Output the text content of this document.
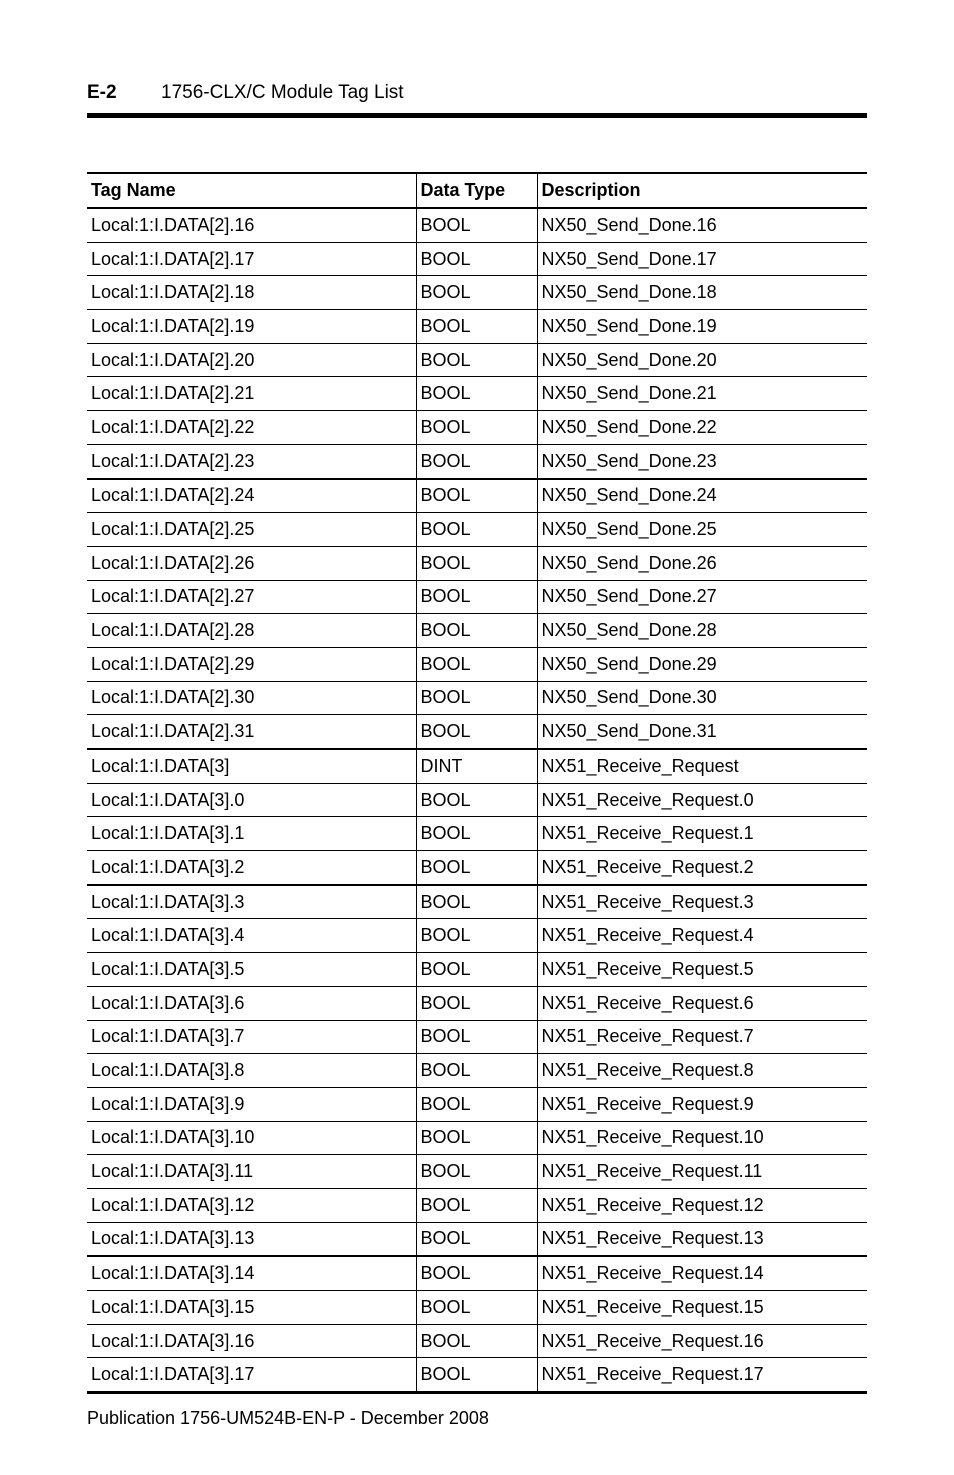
E-2 1756-CLX/C Module Tag List
Tag Name	Data Type	Description
Local:1:I.DATA[2].16	BOOL	NX50_Send_Done.16
Local:1:I.DATA[2].17	BOOL	NX50_Send_Done.17
Local:1:I.DATA[2].18	BOOL	NX50_Send_Done.18
Local:1:I.DATA[2].19	BOOL	NX50_Send_Done.19
Local:1:I.DATA[2].20	BOOL	NX50_Send_Done.20
Local:1:I.DATA[2].21	BOOL	NX50_Send_Done.21
Local:1:I.DATA[2].22	BOOL	NX50_Send_Done.22
Local:1:I.DATA[2].23	BOOL	NX50_Send_Done.23
Local:1:I.DATA[2].24	BOOL	NX50_Send_Done.24
Local:1:I.DATA[2].25	BOOL	NX50_Send_Done.25
Local:1:I.DATA[2].26	BOOL	NX50_Send_Done.26
Local:1:I.DATA[2].27	BOOL	NX50_Send_Done.27
Local:1:I.DATA[2].28	BOOL	NX50_Send_Done.28
Local:1:I.DATA[2].29	BOOL	NX50_Send_Done.29
Local:1:I.DATA[2].30	BOOL	NX50_Send_Done.30
Local:1:I.DATA[2].31	BOOL	NX50_Send_Done.31
Local:1:I.DATA[3]	DINT	NX51_Receive_Request
Local:1:I.DATA[3].0	BOOL	NX51_Receive_Request.0
Local:1:I.DATA[3].1	BOOL	NX51_Receive_Request.1
Local:1:I.DATA[3].2	BOOL	NX51_Receive_Request.2
Local:1:I.DATA[3].3	BOOL	NX51_Receive_Request.3
Local:1:I.DATA[3].4	BOOL	NX51_Receive_Request.4
Local:1:I.DATA[3].5	BOOL	NX51_Receive_Request.5
Local:1:I.DATA[3].6	BOOL	NX51_Receive_Request.6
Local:1:I.DATA[3].7	BOOL	NX51_Receive_Request.7
Local:1:I.DATA[3].8	BOOL	NX51_Receive_Request.8
Local:1:I.DATA[3].9	BOOL	NX51_Receive_Request.9
Local:1:I.DATA[3].10	BOOL	NX51_Receive_Request.10
Local:1:I.DATA[3].11	BOOL	NX51_Receive_Request.11
Local:1:I.DATA[3].12	BOOL	NX51_Receive_Request.12
Local:1:I.DATA[3].13	BOOL	NX51_Receive_Request.13
Local:1:I.DATA[3].14	BOOL	NX51_Receive_Request.14
Local:1:I.DATA[3].15	BOOL	NX51_Receive_Request.15
Local:1:I.DATA[3].16	BOOL	NX51_Receive_Request.16
Local:1:I.DATA[3].17	BOOL	NX51_Receive_Request.17
Publication 1756-UM524B-EN-P - December 2008
